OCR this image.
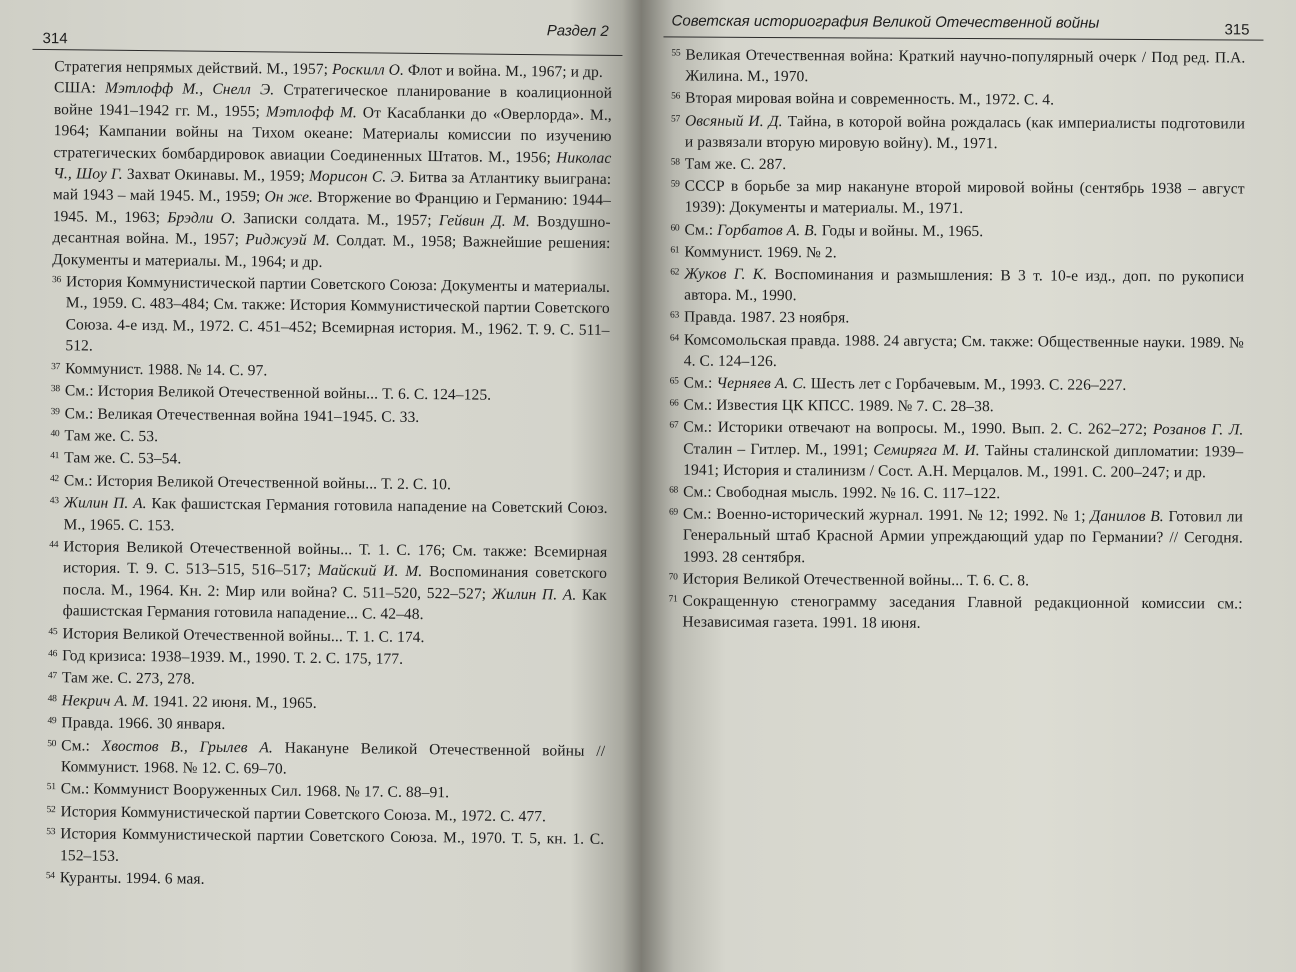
314	Раздел 2

Стратегия непрямых действий. М., 1957; Роскилл О. Флот и война. М., 1967; и др.

США: Мэтлофф М., Снелл Э. Стратегическое планирование в коалиционной войне 1941–1942 гг. М., 1955; Мэтлофф М. От Касабланки до «Оверлорда». М., 1964; Кампании войны на Тихом океане: Материалы комиссии по изучению стратегических бомбардировок авиации Соединенных Штатов. М., 1956; Николас Ч., Шоу Г. Захват Окинавы. М., 1959; Морисон С. Э. Битва за Атлантику выиграна: май 1943 – май 1945. М., 1959; Он же. Вторжение во Францию и Германию: 1944–1945. М., 1963; Брэдли О. Записки солдата. М., 1957; Гейвин Д. М. Воздушно-десантная война. М., 1957; Риджуэй М. Солдат. М., 1958; Важнейшие решения: Документы и материалы. М., 1964; и др.

36 История Коммунистической партии Советского Союза: Документы и материалы. М., 1959. С. 483–484; См. также: История Коммунистической партии Советского Союза. 4-е изд. М., 1972. С. 451–452; Всемирная история. М., 1962. Т. 9. С. 511–512.

37 Коммунист. 1988. № 14. С. 97.

38 См.: История Великой Отечественной войны... Т. 6. С. 124–125.

39 См.: Великая Отечественная война 1941–1945. С. 33.

40 Там же. С. 53.

41 Там же. С. 53–54.

42 См.: История Великой Отечественной войны... Т. 2. С. 10.

43 Жилин П. А. Как фашистская Германия готовила нападение на Советский Союз. М., 1965. С. 153.

44 История Великой Отечественной войны... Т. 1. С. 176; См. также: Всемирная история. Т. 9. С. 513–515, 516–517; Майский И. М. Воспоминания советского посла. М., 1964. Кн. 2: Мир или война? С. 511–520, 522–527; Жилин П. А. Как фашистская Германия готовила нападение... С. 42–48.

45 История Великой Отечественной войны... Т. 1. С. 174.

46 Год кризиса: 1938–1939. М., 1990. Т. 2. С. 175, 177.

47 Там же. С. 273, 278.

48 Некрич А. М. 1941. 22 июня. М., 1965.

49 Правда. 1966. 30 января.

50 См.: Хвостов В., Грылев А. Накануне Великой Отечественной войны // Коммунист. 1968. № 12. С. 69–70.

51 См.: Коммунист Вооруженных Сил. 1968. № 17. С. 88–91.

52 История Коммунистической партии Советского Союза. М., 1972. С. 477.

53 История Коммунистической партии Советского Союза. М., 1970. Т. 5, кн. 1. С. 152–153.

54 Куранты. 1994. 6 мая.

Советская историография Великой Отечественной войны	315

55 Великая Отечественная война: Краткий научно-популярный очерк / Под ред. П.А. Жилина. М., 1970.

56 Вторая мировая война и современность. М., 1972. С. 4.

57 Овсяный И. Д. Тайна, в которой война рождалась (как империалисты подготовили и развязали вторую мировую войну). М., 1971.

58 Там же. С. 287.

59 СССР в борьбе за мир накануне второй мировой войны (сентябрь 1938 – август 1939): Документы и материалы. М., 1971.

60 См.: Горбатов А. В. Годы и войны. М., 1965.

61 Коммунист. 1969. № 2.

62 Жуков Г. К. Воспоминания и размышления: В 3 т. 10-е изд., доп. по рукописи автора. М., 1990.

63 Правда. 1987. 23 ноября.

64 Комсомольская правда. 1988. 24 августа; См. также: Общественные науки. 1989. № 4. С. 124–126.

65 См.: Черняев А. С. Шесть лет с Горбачевым. М., 1993. С. 226–227.

66 См.: Известия ЦК КПСС. 1989. № 7. С. 28–38.

67 См.: Историки отвечают на вопросы. М., 1990. Вып. 2. С. 262–272; Розанов Г. Л. Сталин – Гитлер. М., 1991; Семиряга М. И. Тайны сталинской дипломатии: 1939–1941; История и сталинизм / Сост. А.Н. Мерцалов. М., 1991. С. 200–247; и др.

68 См.: Свободная мысль. 1992. № 16. С. 117–122.

69 См.: Военно-исторический журнал. 1991. № 12; 1992. № 1; Данилов В. Готовил ли Генеральный штаб Красной Армии упреждающий удар по Германии? // Сегодня. 1993. 28 сентября.

70 История Великой Отечественной войны... Т. 6. С. 8.

71 Сокращенную стенограмму заседания Главной редакционной комиссии см.: Независимая газета. 1991. 18 июня.
